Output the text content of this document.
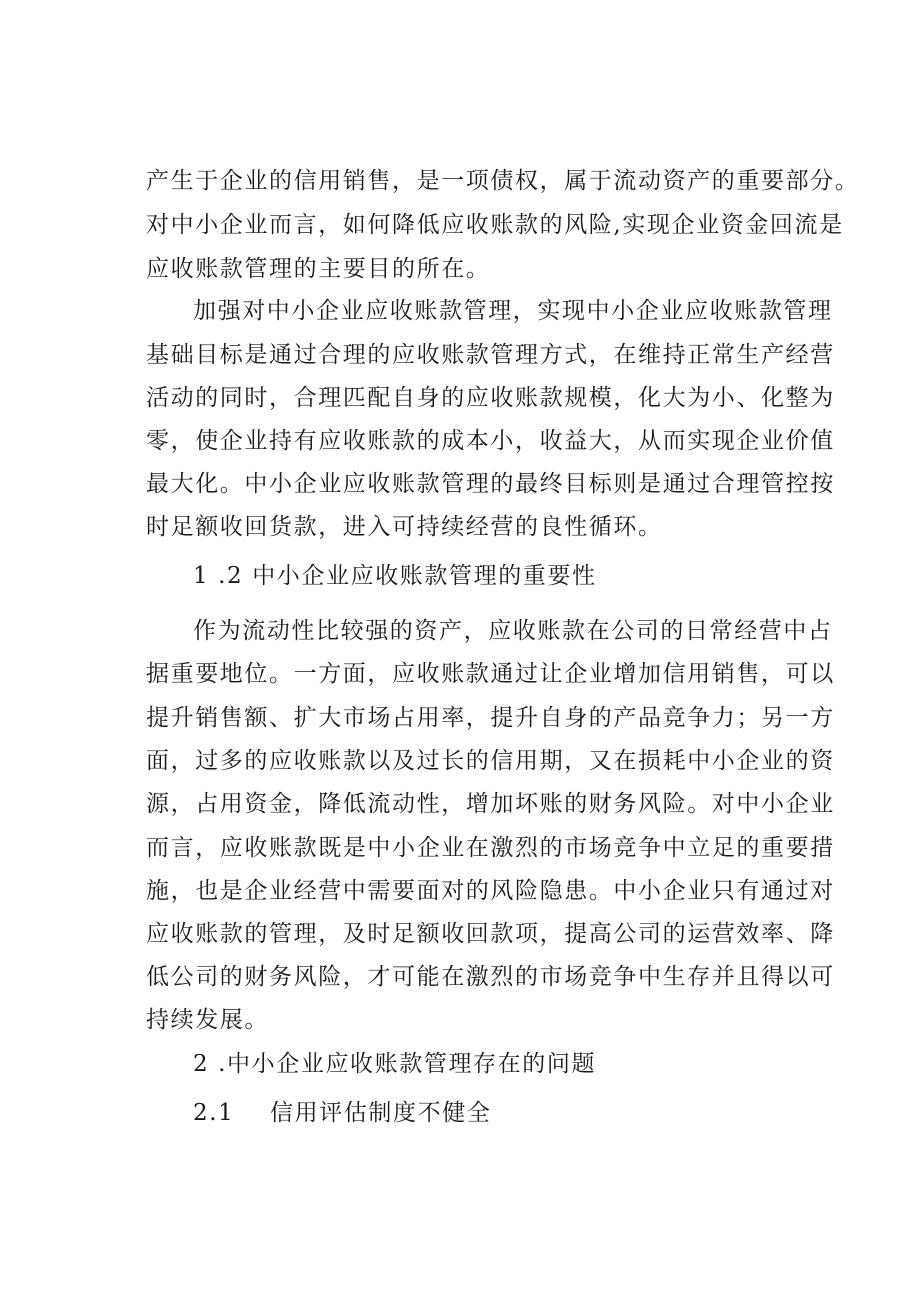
产生于企业的信用销售，是一项债权，属于流动资产的重要部分。
对中小企业而言，如何降低应收账款的风险,实现企业资金回流是
应收账款管理的主要目的所在。
加强对中小企业应收账款管理，实现中小企业应收账款管理
基础目标是通过合理的应收账款管理方式，在维持正常生产经营
活动的同时，合理匹配自身的应收账款规模，化大为小、化整为
零，使企业持有应收账款的成本小，收益大，从而实现企业价值
最大化。中小企业应收账款管理的最终目标则是通过合理管控按
时足额收回货款，进入可持续经营的良性循环。
1 .2 中小企业应收账款管理的重要性
作为流动性比较强的资产，应收账款在公司的日常经营中占
据重要地位。一方面，应收账款通过让企业增加信用销售，可以
提升销售额、扩大市场占用率，提升自身的产品竞争力；另一方
面，过多的应收账款以及过长的信用期，又在损耗中小企业的资
源，占用资金，降低流动性，增加坏账的财务风险。对中小企业
而言，应收账款既是中小企业在激烈的市场竞争中立足的重要措
施，也是企业经营中需要面对的风险隐患。中小企业只有通过对
应收账款的管理，及时足额收回款项，提高公司的运营效率、降
低公司的财务风险，才可能在激烈的市场竞争中生存并且得以可
持续发展。
2 .中小企业应收账款管理存在的问题
2.1    信用评估制度不健全
